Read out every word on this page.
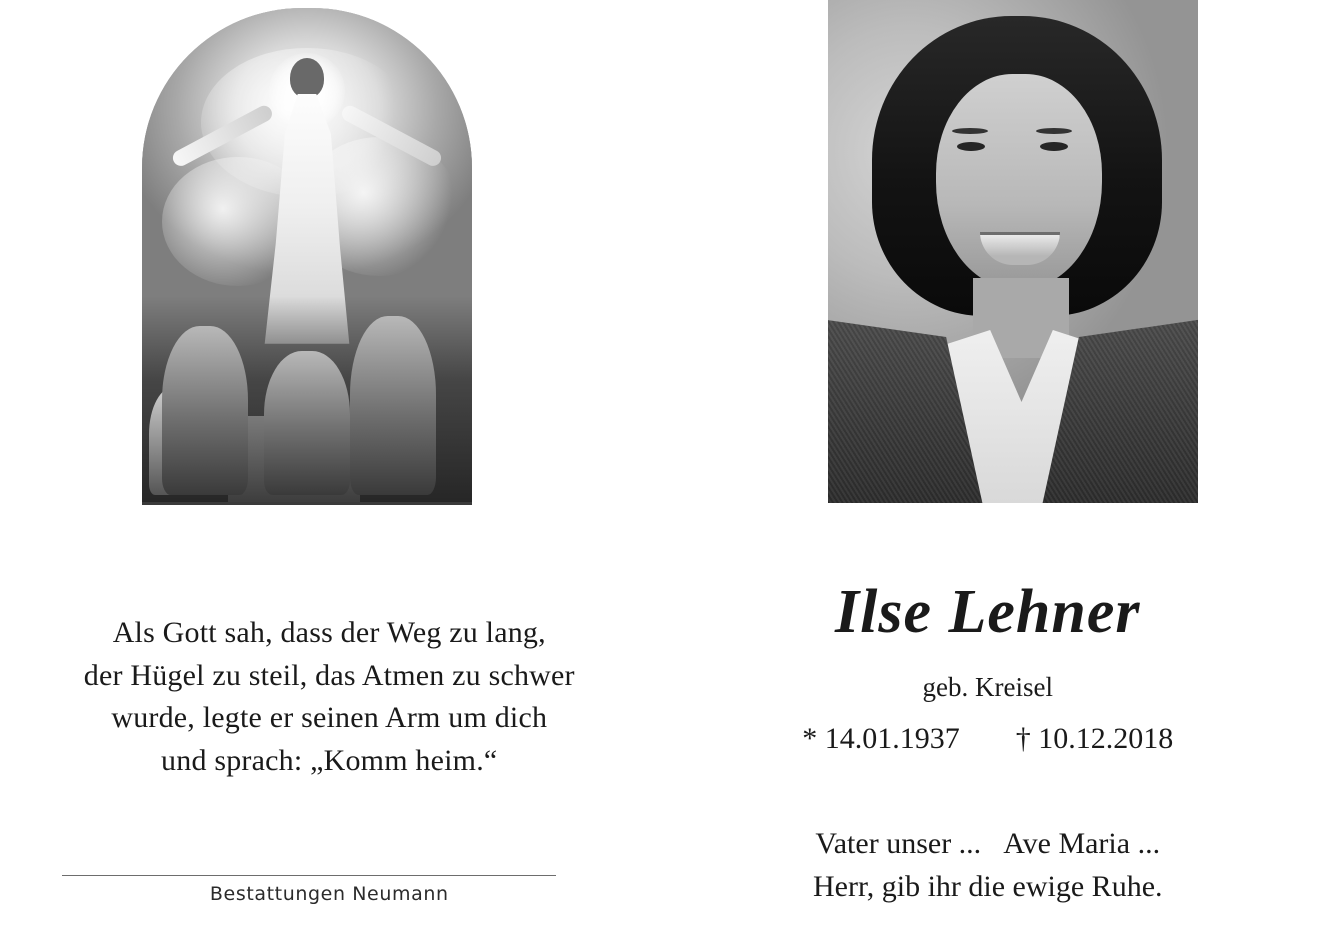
Als Gott sah, dass der Weg zu lang,
der Hügel zu steil, das Atmen zu schwer
wurde, legte er seinen Arm um dich
und sprach: „Komm heim.“
Bestattungen Neumann
Ilse Lehner
geb. Kreisel
* 14.01.1937 † 10.12.2018
Vater unser ... Ave Maria ...
Herr, gib ihr die ewige Ruhe.
